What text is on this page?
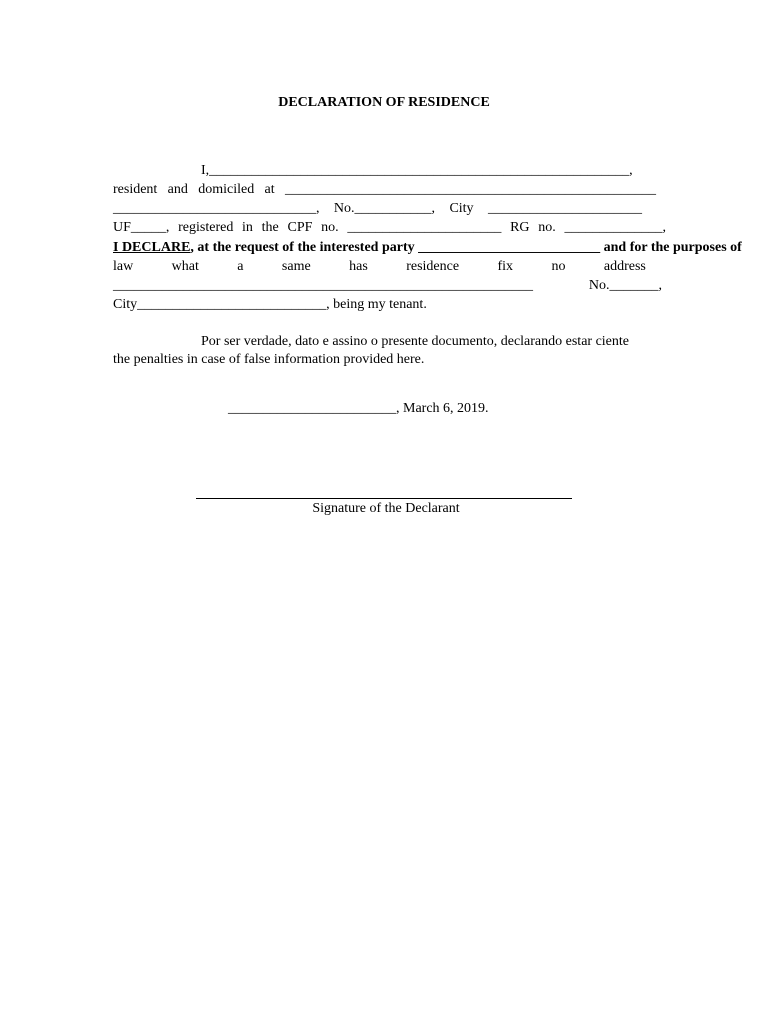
DECLARATION OF RESIDENCE
I,____________________________________________________________,
resident and domiciled at _____________________________________________________
_____________________________, No.___________, City ______________________
UF_____, registered in the CPF no. ______________________ RG no. ______________,
I DECLARE, at the request of the interested party __________________________ and for the purposes of
law	what	a	same	has	residence	fix	no	address
____________________________________________________________	No._______,
City___________________________, being my tenant.
Por ser verdade, dato e assino o presente documento, declarando estar ciente
the penalties in case of false information provided here.
________________________, March 6, 2019.
Signature of the Declarant
